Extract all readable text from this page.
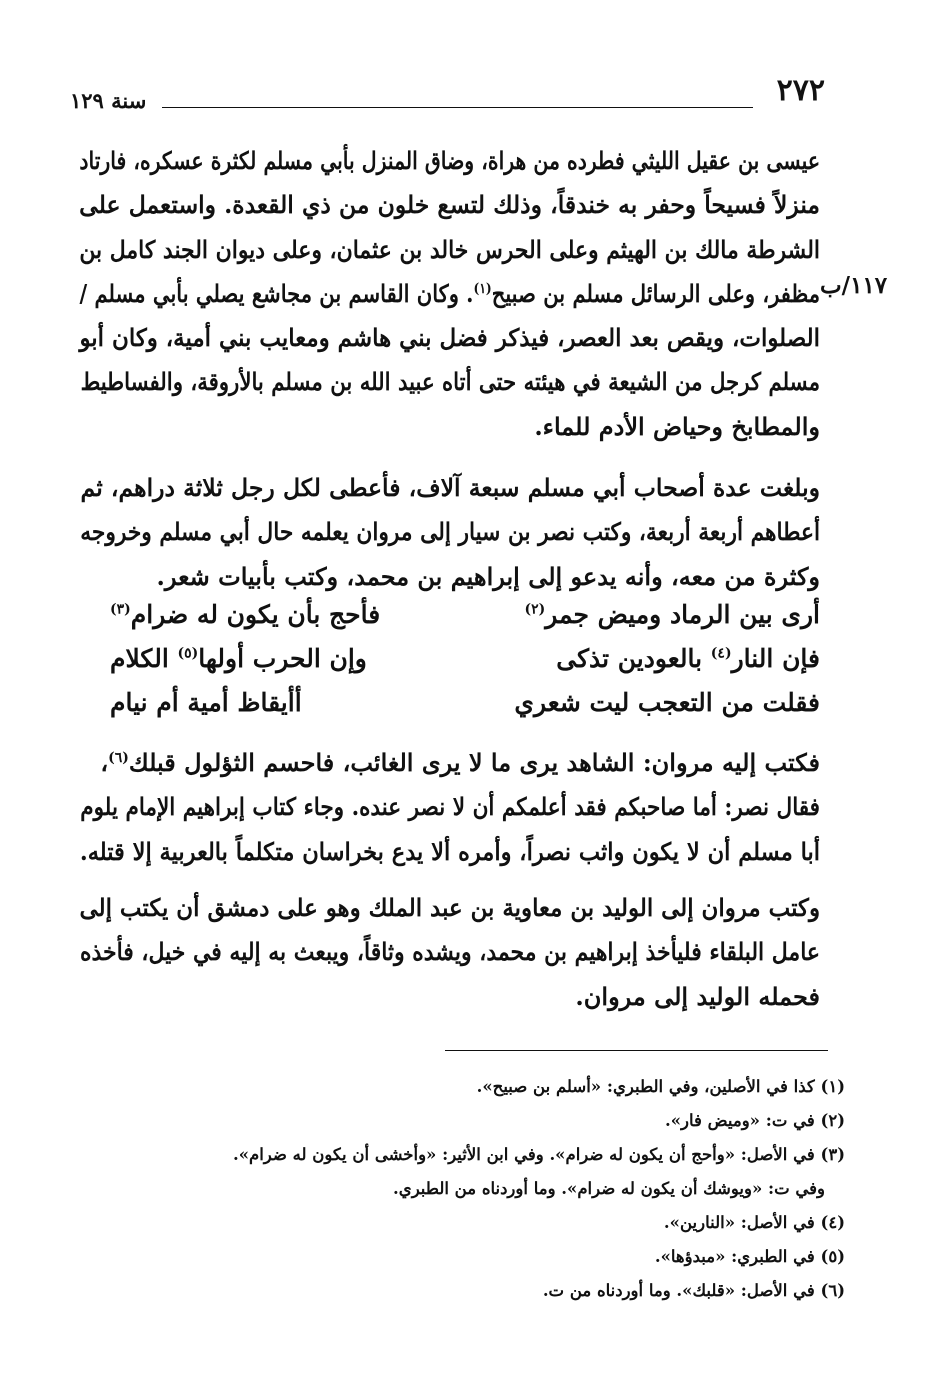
٢٧٢
سنة ١٢٩
١١٧/ب
عيسى بن عقيل الليثي فطرده من هراة، وضاق المنزل بأبي مسلم لكثرة عسكره، فارتاد
منزلاً فسيحاً وحفر به خندقاً، وذلك لتسع خلون من ذي القعدة. واستعمل على
الشرطة مالك بن الهيثم وعلى الحرس خالد بن عثمان، وعلى ديوان الجند كامل بن
مظفر، وعلى الرسائل مسلم بن صبيح$^{(١)}$. وكان القاسم بن مجاشع يصلي بأبي مسلم /
الصلوات، ويقص بعد العصر، فيذكر فضل بني هاشم ومعايب بني أمية، وكان أبو
مسلم كرجل من الشيعة في هيئته حتى أتاه عبيد الله بن مسلم بالأروقة، والفساطيط
والمطابخ وحياض الأدم للماء.
وبلغت عدة أصحاب أبي مسلم سبعة آلاف، فأعطى لكل رجل ثلاثة دراهم، ثم
أعطاهم أربعة أربعة، وكتب نصر بن سيار إلى مروان يعلمه حال أبي مسلم وخروجه
وكثرة من معه، وأنه يدعو إلى إبراهيم بن محمد، وكتب بأبيات شعر.
أرى بين الرماد وميض جمر$^{(٢)}$
فأحج بأن يكون له ضرام$^{(٣)}$
فإن النار$^{(٤)}$ بالعودين تذكى
وإن الحرب أولها$^{(٥)}$ الكلام
فقلت من التعجب ليت شعري
أأيقاظ أمية أم نيام
فكتب إليه مروان: الشاهد يرى ما لا يرى الغائب، فاحسم الثؤلول قبلك$^{(٦)}$،
فقال نصر: أما صاحبكم فقد أعلمكم أن لا نصر عنده. وجاء كتاب إبراهيم الإمام يلوم
أبا مسلم أن لا يكون واثب نصراً، وأمره ألا يدع بخراسان متكلماً بالعربية إلا قتله.
وكتب مروان إلى الوليد بن معاوية بن عبد الملك وهو على دمشق أن يكتب إلى
عامل البلقاء فليأخذ إبراهيم بن محمد، ويشده وثاقاً، ويبعث به إليه في خيل، فأخذه
فحمله الوليد إلى مروان.
(١) كذا في الأصلين، وفي الطبري: «أسلم بن صبيح».
(٢) في ت: «وميض فار».
(٣) في الأصل: «وأحج أن يكون له ضرام». وفي ابن الأثير: «وأخشى أن يكون له ضرام».
وفي ت: «ويوشك أن يكون له ضرام». وما أوردناه من الطبري.
(٤) في الأصل: «النارين».
(٥) في الطبري: «مبدؤها».
(٦) في الأصل: «قلبك». وما أوردناه من ت.
